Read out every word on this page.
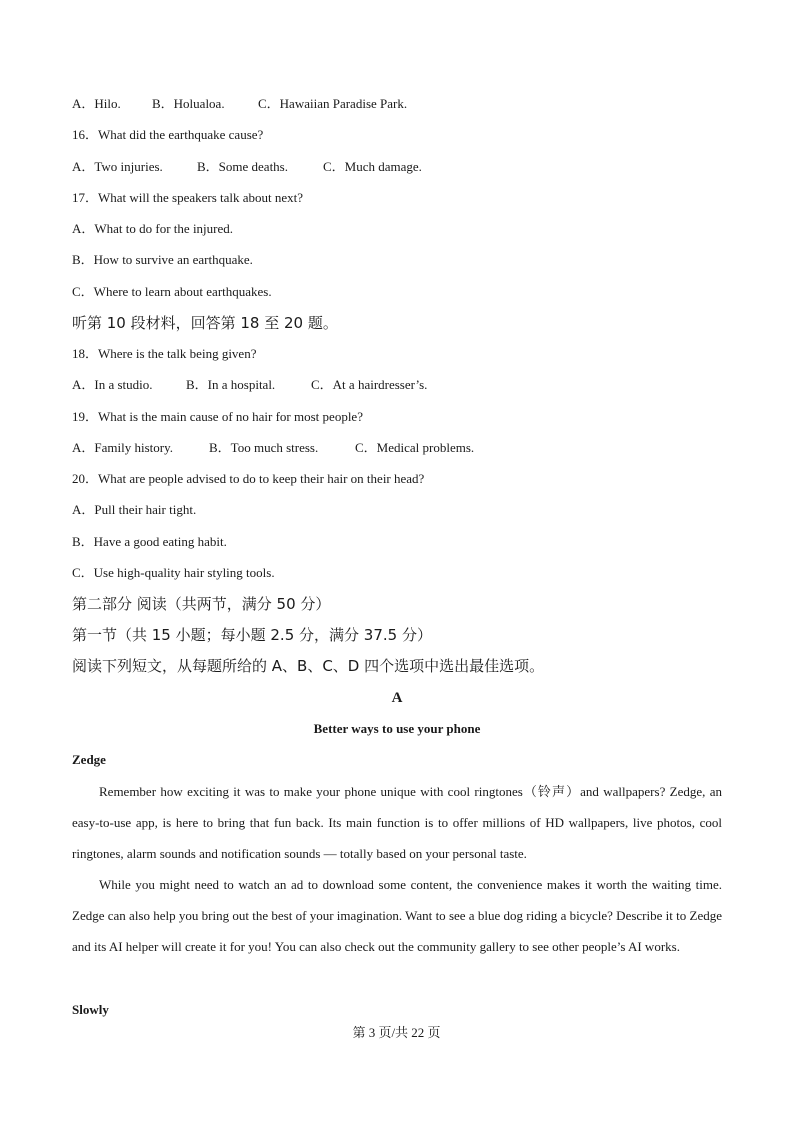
A．Hilo. B．Holualoa.	C．Hawaiian Paradise Park.
16．What did the earthquake cause?
A．Two injuries.	B．Some deaths.	C．Much damage.
17．What will the speakers talk about next?
A．What to do for the injured.
B．How to survive an earthquake.
C．Where to learn about earthquakes.
听第 10 段材料，回答第 18 至 20 题。
18．Where is the talk being given?
A．In a studio.	B．In a hospital.	C．At a hairdresser’s.
19．What is the main cause of no hair for most people?
A．Family history.	B．Too much stress.	C．Medical problems.
20．What are people advised to do to keep their hair on their head?
A．Pull their hair tight.
B．Have a good eating habit.
C．Use high-quality hair styling tools.
第二部分 阅读（共两节，满分 50 分）
第一节（共 15 小题；每小题 2.5 分，满分 37.5 分）
阅读下列短文，从每题所给的 A、B、C、D 四个选项中选出最佳选项。
A
Better ways to use your phone
Zedge
Remember how exciting it was to make your phone unique with cool ringtones（铃声）and wallpapers? Zedge, an easy-to-use app, is here to bring that fun back. Its main function is to offer millions of HD wallpapers, live photos, cool ringtones, alarm sounds and notification sounds — totally based on your personal taste.
While you might need to watch an ad to download some content, the convenience makes it worth the waiting time. Zedge can also help you bring out the best of your imagination. Want to see a blue dog riding a bicycle? Describe it to Zedge and its AI helper will create it for you! You can also check out the community gallery to see other people’s AI works.
Slowly
第 3 页/共 22 页
